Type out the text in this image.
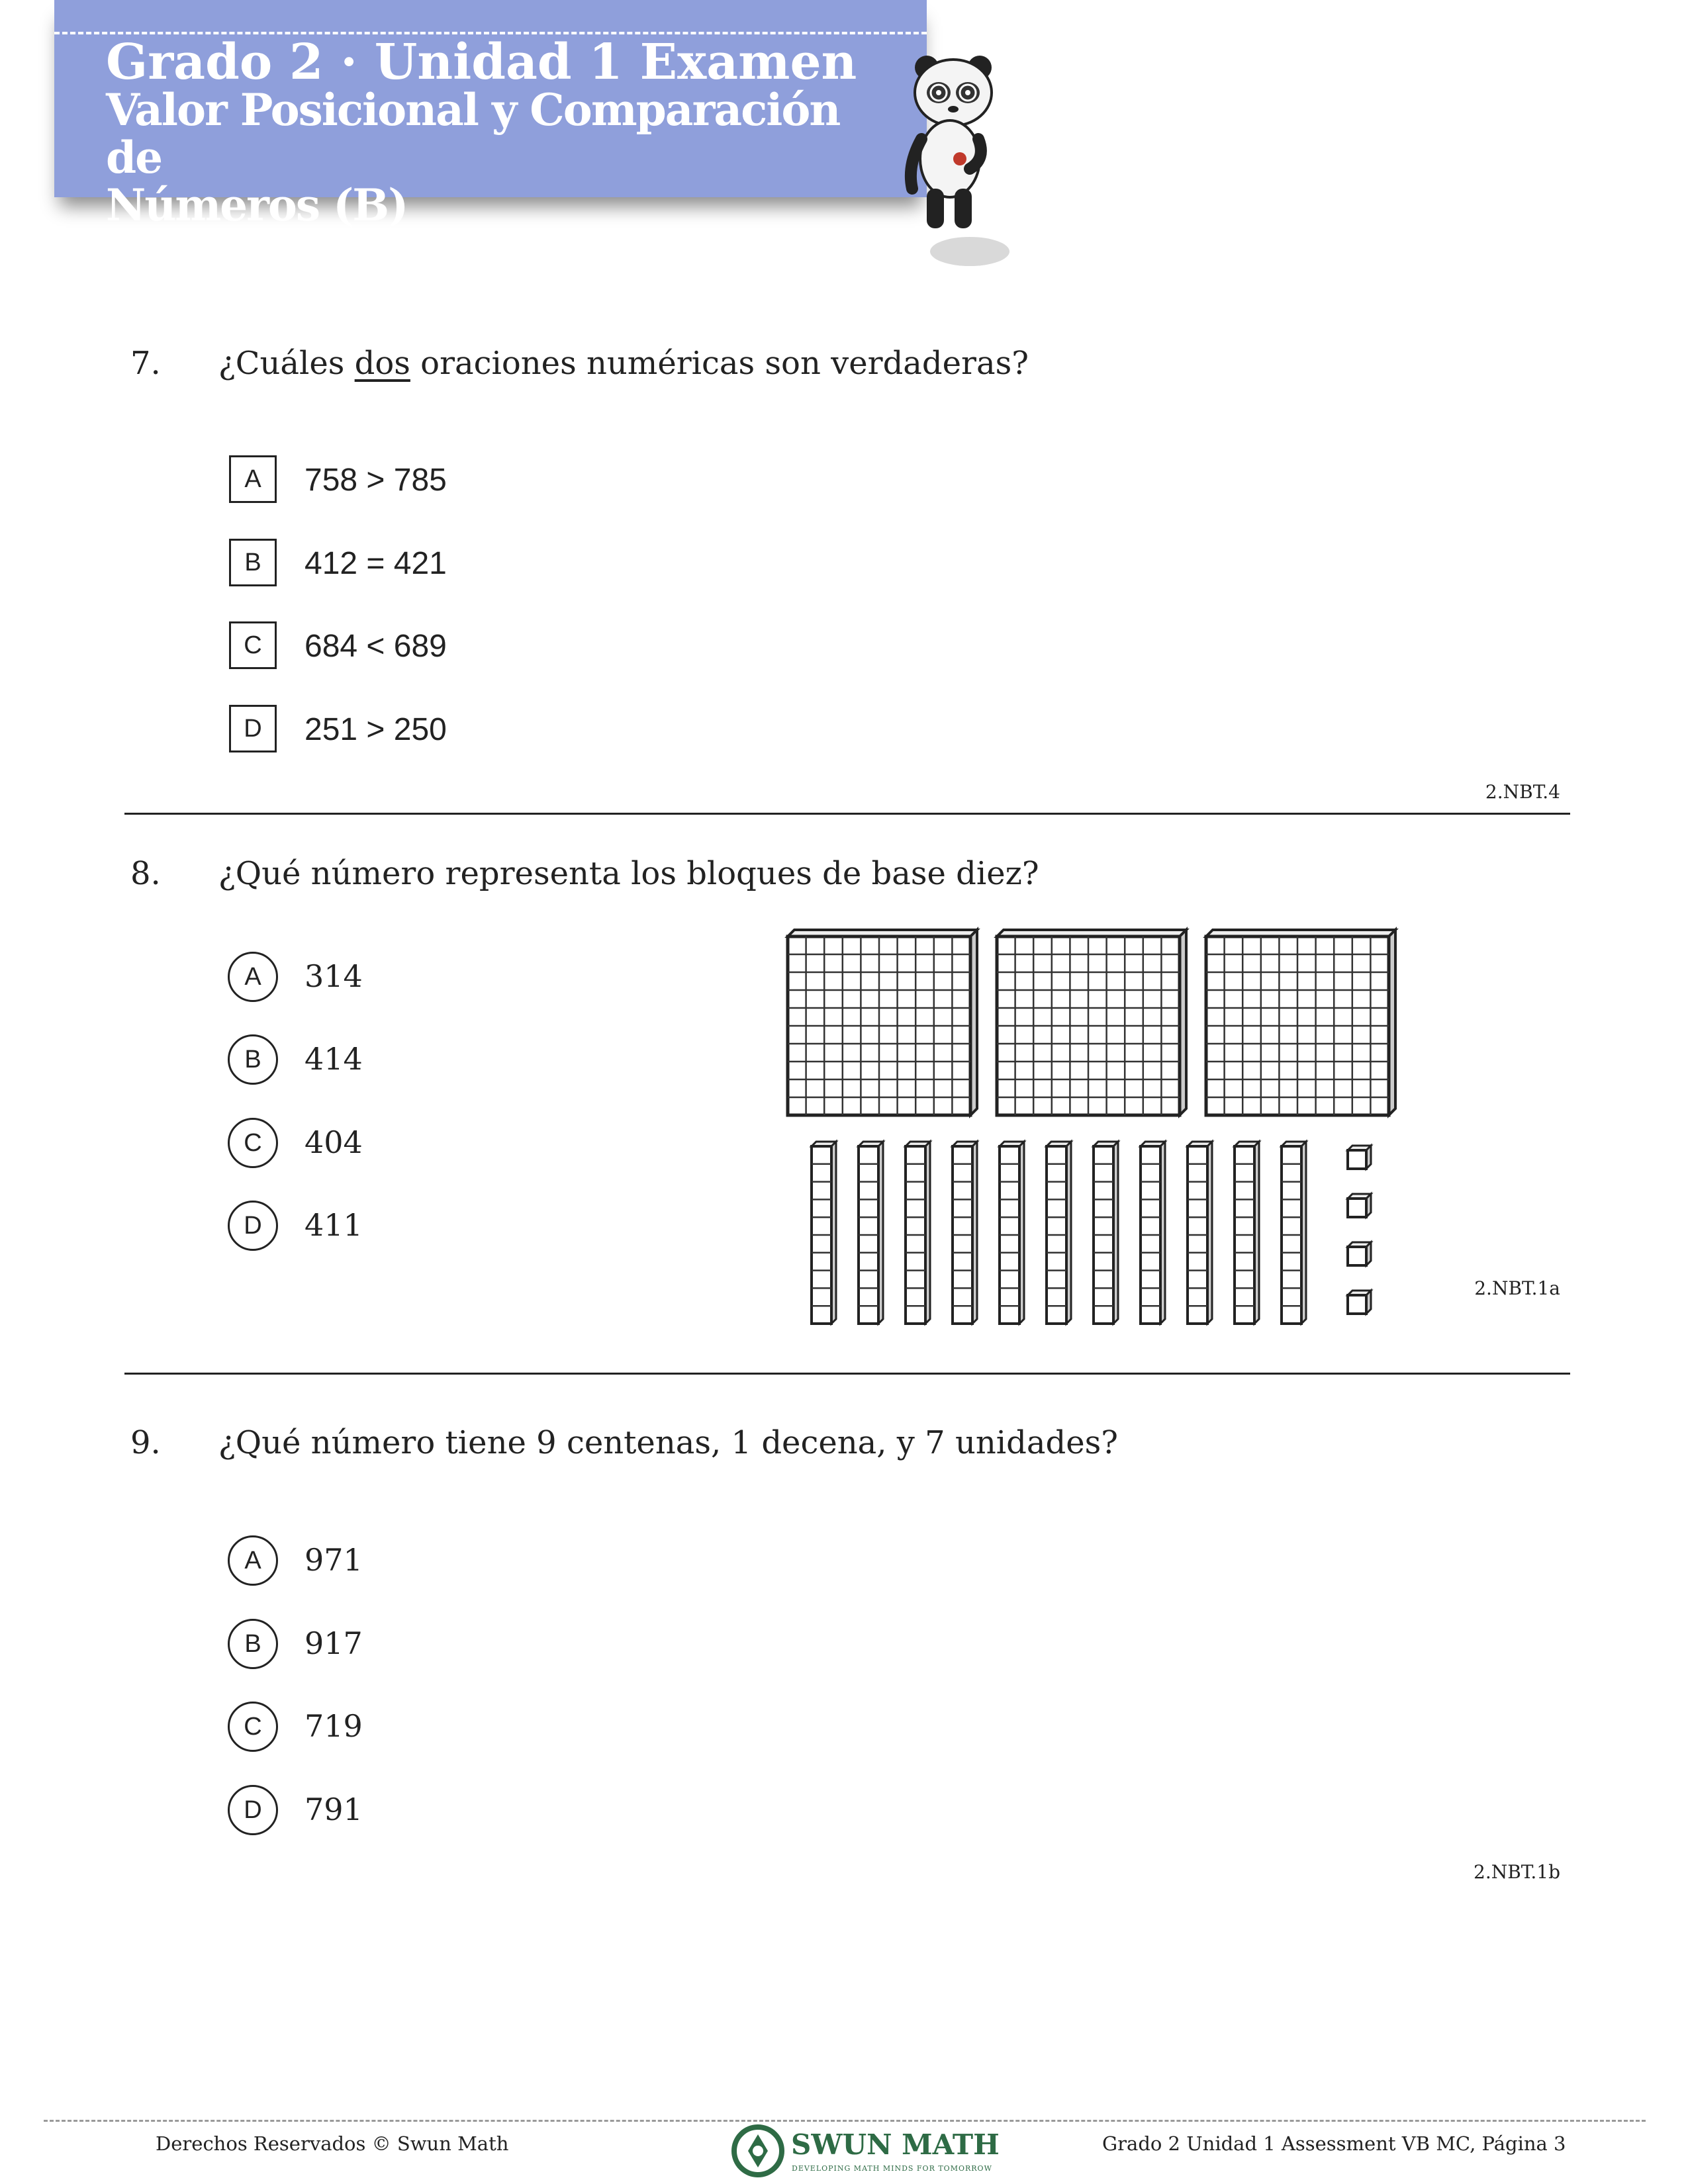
Grado 2 · Unidad 1 Examen
Valor Posicional y Comparación de
Números (B)
7. ¿Cuáles dos oraciones numéricas son verdaderas?
A	758 > 785
B	412 = 421
C	684 < 689
D	251 > 250
2.NBT.4
8. ¿Qué número representa los bloques de base diez?
A	314
B	414
C	404
D	411
2.NBT.1a
9. ¿Qué número tiene 9 centenas, 1 decena, y 7 unidades?
A	971
B	917
C	719
D	791
2.NBT.1b
Derechos Reservados © Swun Math	SWUN MATH
DEVELOPING MATH MINDS FOR TOMORROW
Grado 2 Unidad 1 Assessment VB MC, Página 3
